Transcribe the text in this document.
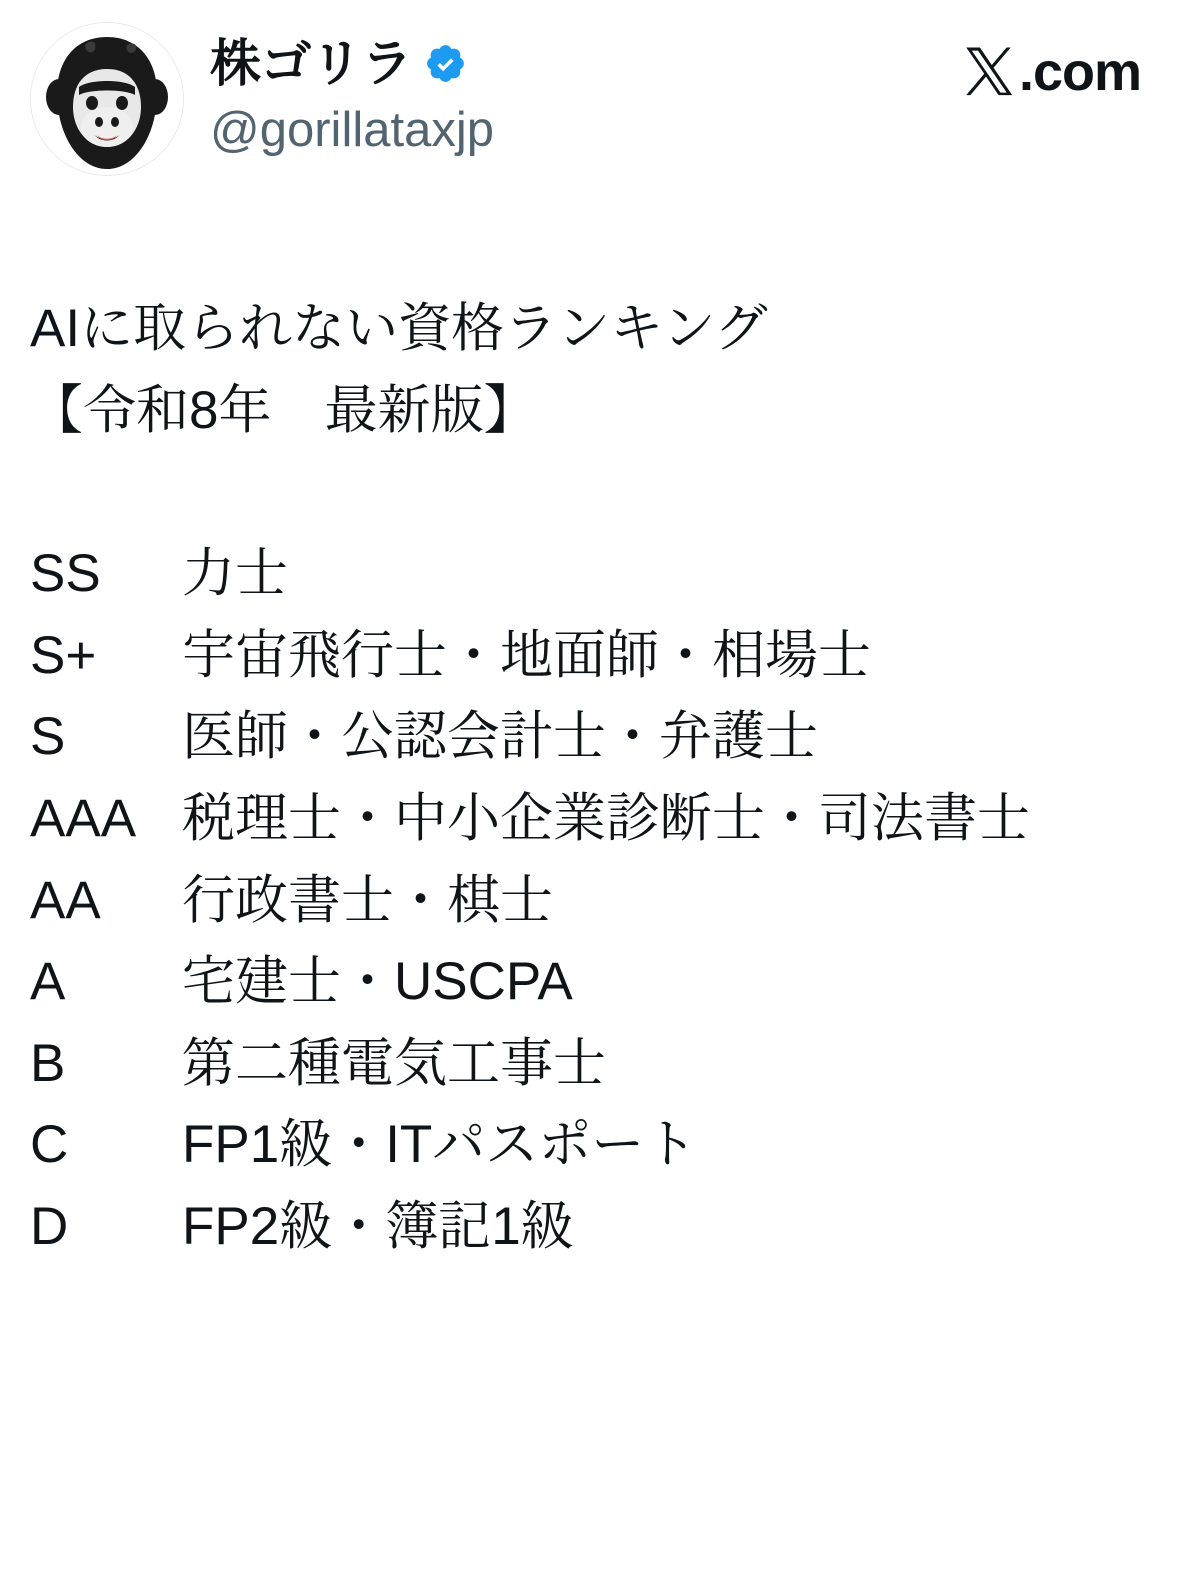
株ゴリラ
@gorillataxjp
.com
AIに取られない資格ランキング
【令和8年　最新版】
SS	力士
S+	宇宙飛行士・地面師・相場士
S	医師・公認会計士・弁護士
AAA 税理士・中小企業診断士・司法書士
AA	行政書士・棋士
A	宅建士・USCPA
B	第二種電気工事士
C	FP1級・ITパスポート
D	FP2級・簿記1級
